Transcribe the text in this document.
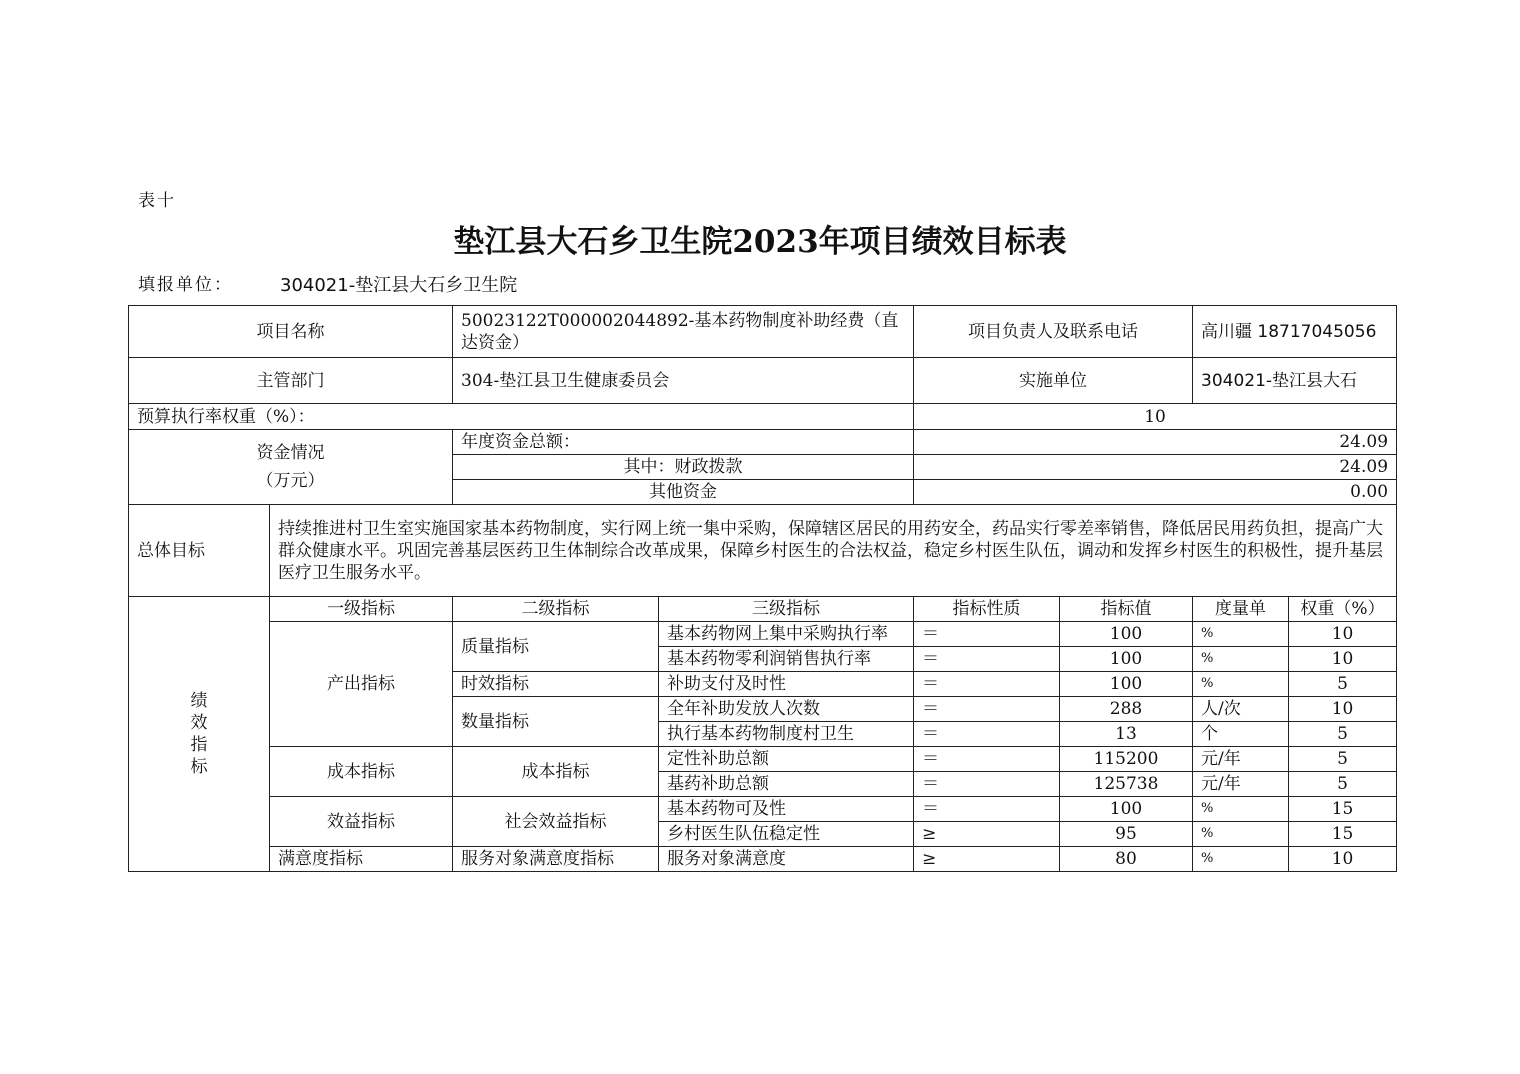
表十
垫江县大石乡卫生院2023年项目绩效目标表
填报单位：	304021-垫江县大石乡卫生院
项目名称		50023122T000002044892-基本药物制度补助经费（直达资金）		项目负责人及联系电话		高川疆 18717045056	
主管部门		304-垫江县卫生健康委员会		实施单位		304021-垫江县大石	
预算执行率权重（%）：				10			

资金情况
（万元）		年度资金总额：		24.09			
		其中：财政拨款		24.09			
		其他资金		0.00			
总体目标	持续推进村卫生室实施国家基本药物制度，实行网上统一集中采购，保障辖区居民的用药安全，药品实行零差率销售，降低居民用药负担，提高广大群众健康水平。巩固完善基层医药卫生体制综合改革成果，保障乡村医生的合法权益，稳定乡村医生队伍，调动和发挥乡村医生的积极性，提升基层医疗卫生服务水平。						

绩
效
指
标	一级指标	二级指标	三级指标	指标性质	指标值	度量单	权重（%）
	产出指标	质量指标	基本药物网上集中采购执行率	＝	100	%	10
			基本药物零利润销售执行率	＝	100	%	10
		时效指标	补助支付及时性	＝	100	%	5
		数量指标	全年补助发放人次数	＝	288	人/次	10
			执行基本药物制度村卫生	＝	13	个	5
	成本指标	成本指标	定性补助总额	＝	115200	元/年	5
			基药补助总额	＝	125738	元/年	5
	效益指标	社会效益指标	基本药物可及性	＝	100	%	15
			乡村医生队伍稳定性	≥	95	%	15
	满意度指标	服务对象满意度指标	服务对象满意度	≥	80	%	10
